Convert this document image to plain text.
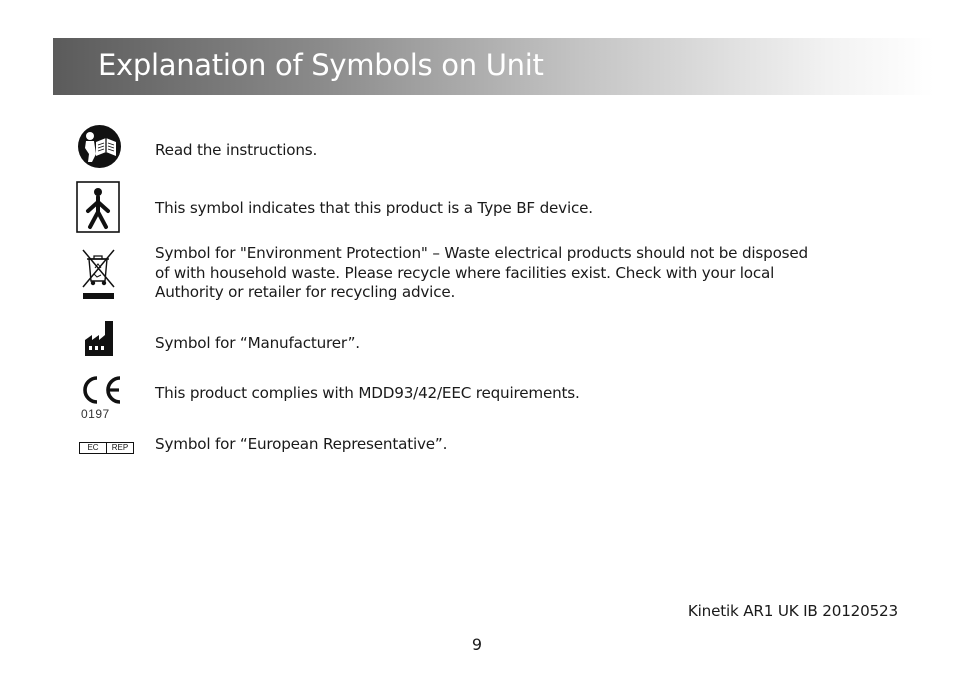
Explanation of Symbols on Unit
Read the instructions.
This symbol indicates that this product is a Type BF device.
Symbol for "Environment Protection" – Waste electrical products should not be disposed
of with household waste. Please recycle where facilities exist. Check with your local
Authority or retailer for recycling advice.
Symbol for “Manufacturer”.
0197
This product complies with MDD93/42/EEC requirements.
EC	REP	Symbol for “European Representative”.
Kinetik AR1 UK IB 20120523
9
